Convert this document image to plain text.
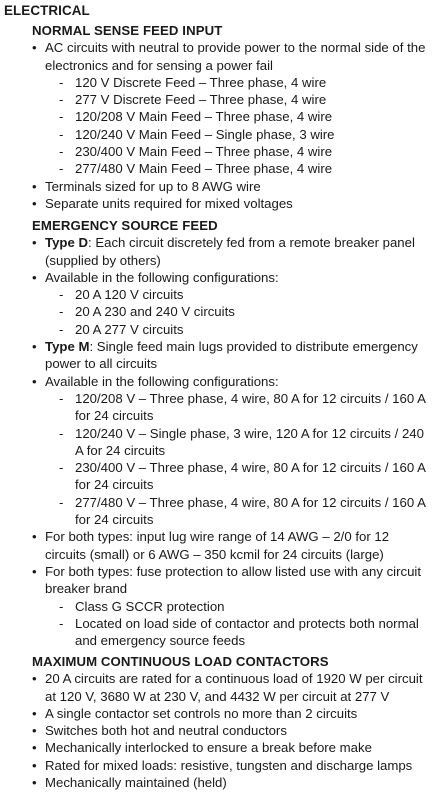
ELECTRICAL
NORMAL SENSE FEED INPUT
• AC circuits with neutral to provide power to the normal side of the electronics and for sensing a power fail
- 120 V Discrete Feed – Three phase, 4 wire
- 277 V Discrete Feed – Three phase, 4 wire
- 120/208 V Main Feed – Three phase, 4 wire
- 120/240 V Main Feed – Single phase, 3 wire
- 230/400 V Main Feed – Three phase, 4 wire
- 277/480 V Main Feed – Three phase, 4 wire
• Terminals sized for up to 8 AWG wire
• Separate units required for mixed voltages
EMERGENCY SOURCE FEED
• Type D: Each circuit discretely fed from a remote breaker panel (supplied by others)
• Available in the following configurations:
- 20 A 120 V circuits
- 20 A 230 and 240 V circuits
- 20 A 277 V circuits
• Type M: Single feed main lugs provided to distribute emergency power to all circuits
• Available in the following configurations:
- 120/208 V – Three phase, 4 wire, 80 A for 12 circuits / 160 A for 24 circuits
- 120/240 V – Single phase, 3 wire, 120 A for 12 circuits / 240 A for 24 circuits
- 230/400 V – Three phase, 4 wire, 80 A for 12 circuits / 160 A for 24 circuits
- 277/480 V – Three phase, 4 wire, 80 A for 12 circuits / 160 A for 24 circuits
• For both types: input lug wire range of 14 AWG – 2/0 for 12 circuits (small) or 6 AWG – 350 kcmil for 24 circuits (large)
• For both types: fuse protection to allow listed use with any circuit breaker brand
- Class G SCCR protection
- Located on load side of contactor and protects both normal and emergency source feeds
MAXIMUM CONTINUOUS LOAD CONTACTORS
• 20 A circuits are rated for a continuous load of 1920 W per circuit at 120 V, 3680 W at 230 V, and 4432 W per circuit at 277 V
• A single contactor set controls no more than 2 circuits
• Switches both hot and neutral conductors
• Mechanically interlocked to ensure a break before make
• Rated for mixed loads: resistive, tungsten and discharge lamps
• Mechanically maintained (held)
